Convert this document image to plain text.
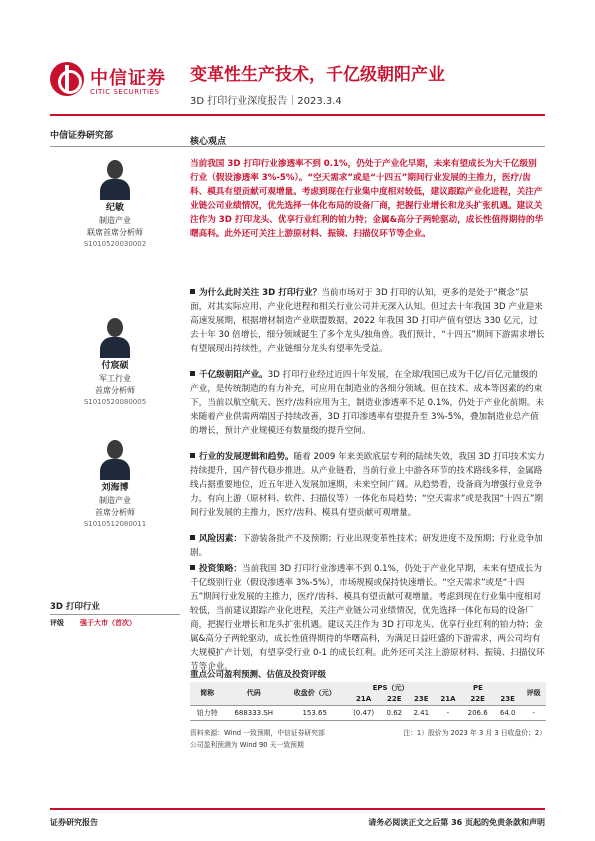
中信证券
CITIC SECURITIES
变革性生产技术，千亿级朝阳产业
3D 打印行业深度报告｜2023.3.4
中信证券研究部
纪敏
制造产业
联席首席分析师
S1010520030002
付宸硕
军工行业
首席分析师
S1010520080005
刘海博
制造产业
首席分析师
S1010512080011
3D 打印行业
评级	强于大市（首次）
核心观点
当前我国 3D 打印行业渗透率不到 0.1%，仍处于产业化早期，未来有望成长为大千亿级别行业（假设渗透率 3%-5%）。“空天需求”或是“十四五”期间行业发展的主推力，医疗/齿科、模具有望贡献可观增量。考虑到现在行业集中度相对较低，建议跟踪产业化进程，关注产业链公司业绩情况，优先选择一体化布局的设备厂商，把握行业增长和龙头扩张机遇。建议关注作为 3D 打印龙头、优享行业红利的铂力特；金属&高分子两轮驱动，成长性值得期待的华曙高科。此外还可关注上游原材料、振镜、扫描仪环节等企业。
为什么此时关注 3D 打印行业？当前市场对于 3D 打印的认知，更多的是处于“概念”层面，对其实际应用、产业化进程和相关行业公司并无深入认知。但过去十年我国 3D 产业迎来高速发展期，根据增材制造产业联盟数据，2022 年我国 3D 打印产值有望达 330 亿元，过去十年 30 倍增长，细分领域诞生了多个龙头/独角兽。我们预计，“十四五”期间下游需求增长有望展现出持续性，产业链细分龙头有望率先受益。
千亿级朝阳产业。3D 打印行业经过近四十年发展，在全球/我国已成为千亿/百亿元量级的产业，是传统制造的有力补充，可应用在制造业的各细分领域。但在技术、成本等因素的约束下，当前以航空航天、医疗/齿科应用为主，制造业渗透率不足 0.1%，仍处于产业化前期。未来随着产业供需两端因子持续改善，3D 打印渗透率有望提升至 3%-5%，叠加制造业总产值的增长，预计产业规模还有数量级的提升空间。
行业的发展逻辑和趋势。随着 2009 年来美欧底层专利的陆续失效，我国 3D 打印技术实力持续提升，国产替代稳步推进。从产业链看，当前行业上中游各环节的技术路线多样，金属路线占据重要地位，近五年进入发展加速期，未来空间广阔。从趋势看，设备商为增强行业竞争力，有向上游（原材料、软件、扫描仪等）一体化布局趋势；“空天需求”或是我国“十四五”期间行业发展的主推力，医疗/齿科、模具有望贡献可观增量。
风险因素：下游装备批产不及预期；行业出现变革性技术；研发进度不及预期；行业竞争加剧。
投资策略：当前我国 3D 打印行业渗透率不到 0.1%，仍处于产业化早期，未来有望成长为千亿级别行业（假设渗透率 3%-5%），市场规模或保持快速增长。“空天需求”或是“十四五”期间行业发展的主推力，医疗/齿科、模具有望贡献可观增量。考虑到现在行业集中度相对较低，当前建议跟踪产业化进程，关注产业链公司业绩情况，优先选择一体化布局的设备厂商，把握行业增长和龙头扩张机遇。建议关注作为 3D 打印龙头、优享行业红利的铂力特；金属&高分子两轮驱动，成长性值得期待的华曙高科，为满足日益旺盛的下游需求，两公司均有大规模扩产计划，有望享受行业 0-1 的成长红利。此外还可关注上游原材料、振镜、扫描仪环节等企业。
重点公司盈利预测、估值及投资评级
简称	代码	收盘价（元）	EPS（元）			PE			评级
			21A	22E	23E	21A	22E	23E	
铂力特	688333.SH	153.65	(0.47)	0.62	2.41	-	206.6	64.0	-
资料来源：Wind 一致预期，中信证券研究部	注：1）股价为 2023 年 3 月 3 日收盘价；2）
公司盈利预测为 Wind 90 天一致预期
证券研究报告	请务必阅读正文之后第 36 页起的免责条款和声明
